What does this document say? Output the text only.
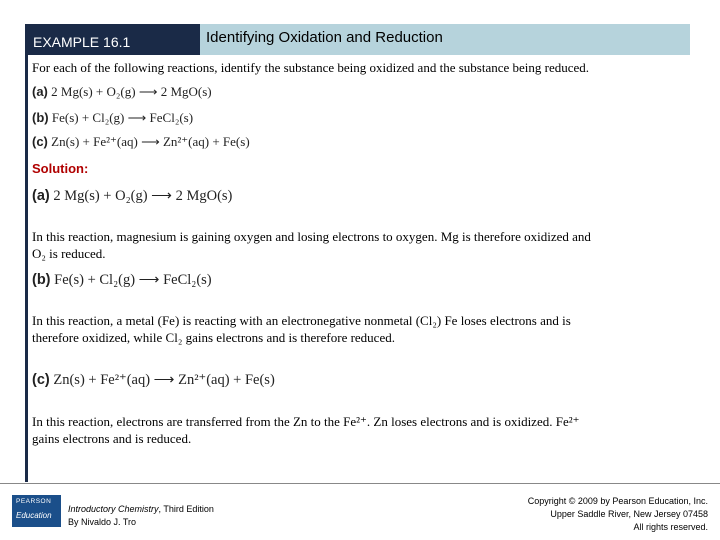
EXAMPLE 16.1	Identifying Oxidation and Reduction
For each of the following reactions, identify the substance being oxidized and the substance being reduced.
(a) 2 Mg(s) + O₂(g) ⟶ 2 MgO(s)
(b) Fe(s) + Cl₂(g) ⟶ FeCl₂(s)
(c) Zn(s) + Fe²⁺(aq) ⟶ Zn²⁺(aq) + Fe(s)
Solution:
(a) 2 Mg(s) + O₂(g) ⟶ 2 MgO(s)
In this reaction, magnesium is gaining oxygen and losing electrons to oxygen. Mg is therefore oxidized and
O₂ is reduced.
(b) Fe(s) + Cl₂(g) ⟶ FeCl₂(s)
In this reaction, a metal (Fe) is reacting with an electronegative nonmetal (Cl₂) Fe loses electrons and is
therefore oxidized, while Cl₂ gains electrons and is therefore reduced.
(c) Zn(s) + Fe²⁺(aq) ⟶ Zn²⁺(aq) + Fe(s)
In this reaction, electrons are transferred from the Zn to the Fe²⁺. Zn loses electrons and is oxidized. Fe²⁺
gains electrons and is reduced.
PEARSON
Education
Introductory Chemistry, Third Edition
By Nivaldo J. Tro
Copyright © 2009 by Pearson Education, Inc.
Upper Saddle River, New Jersey 07458
All rights reserved.
